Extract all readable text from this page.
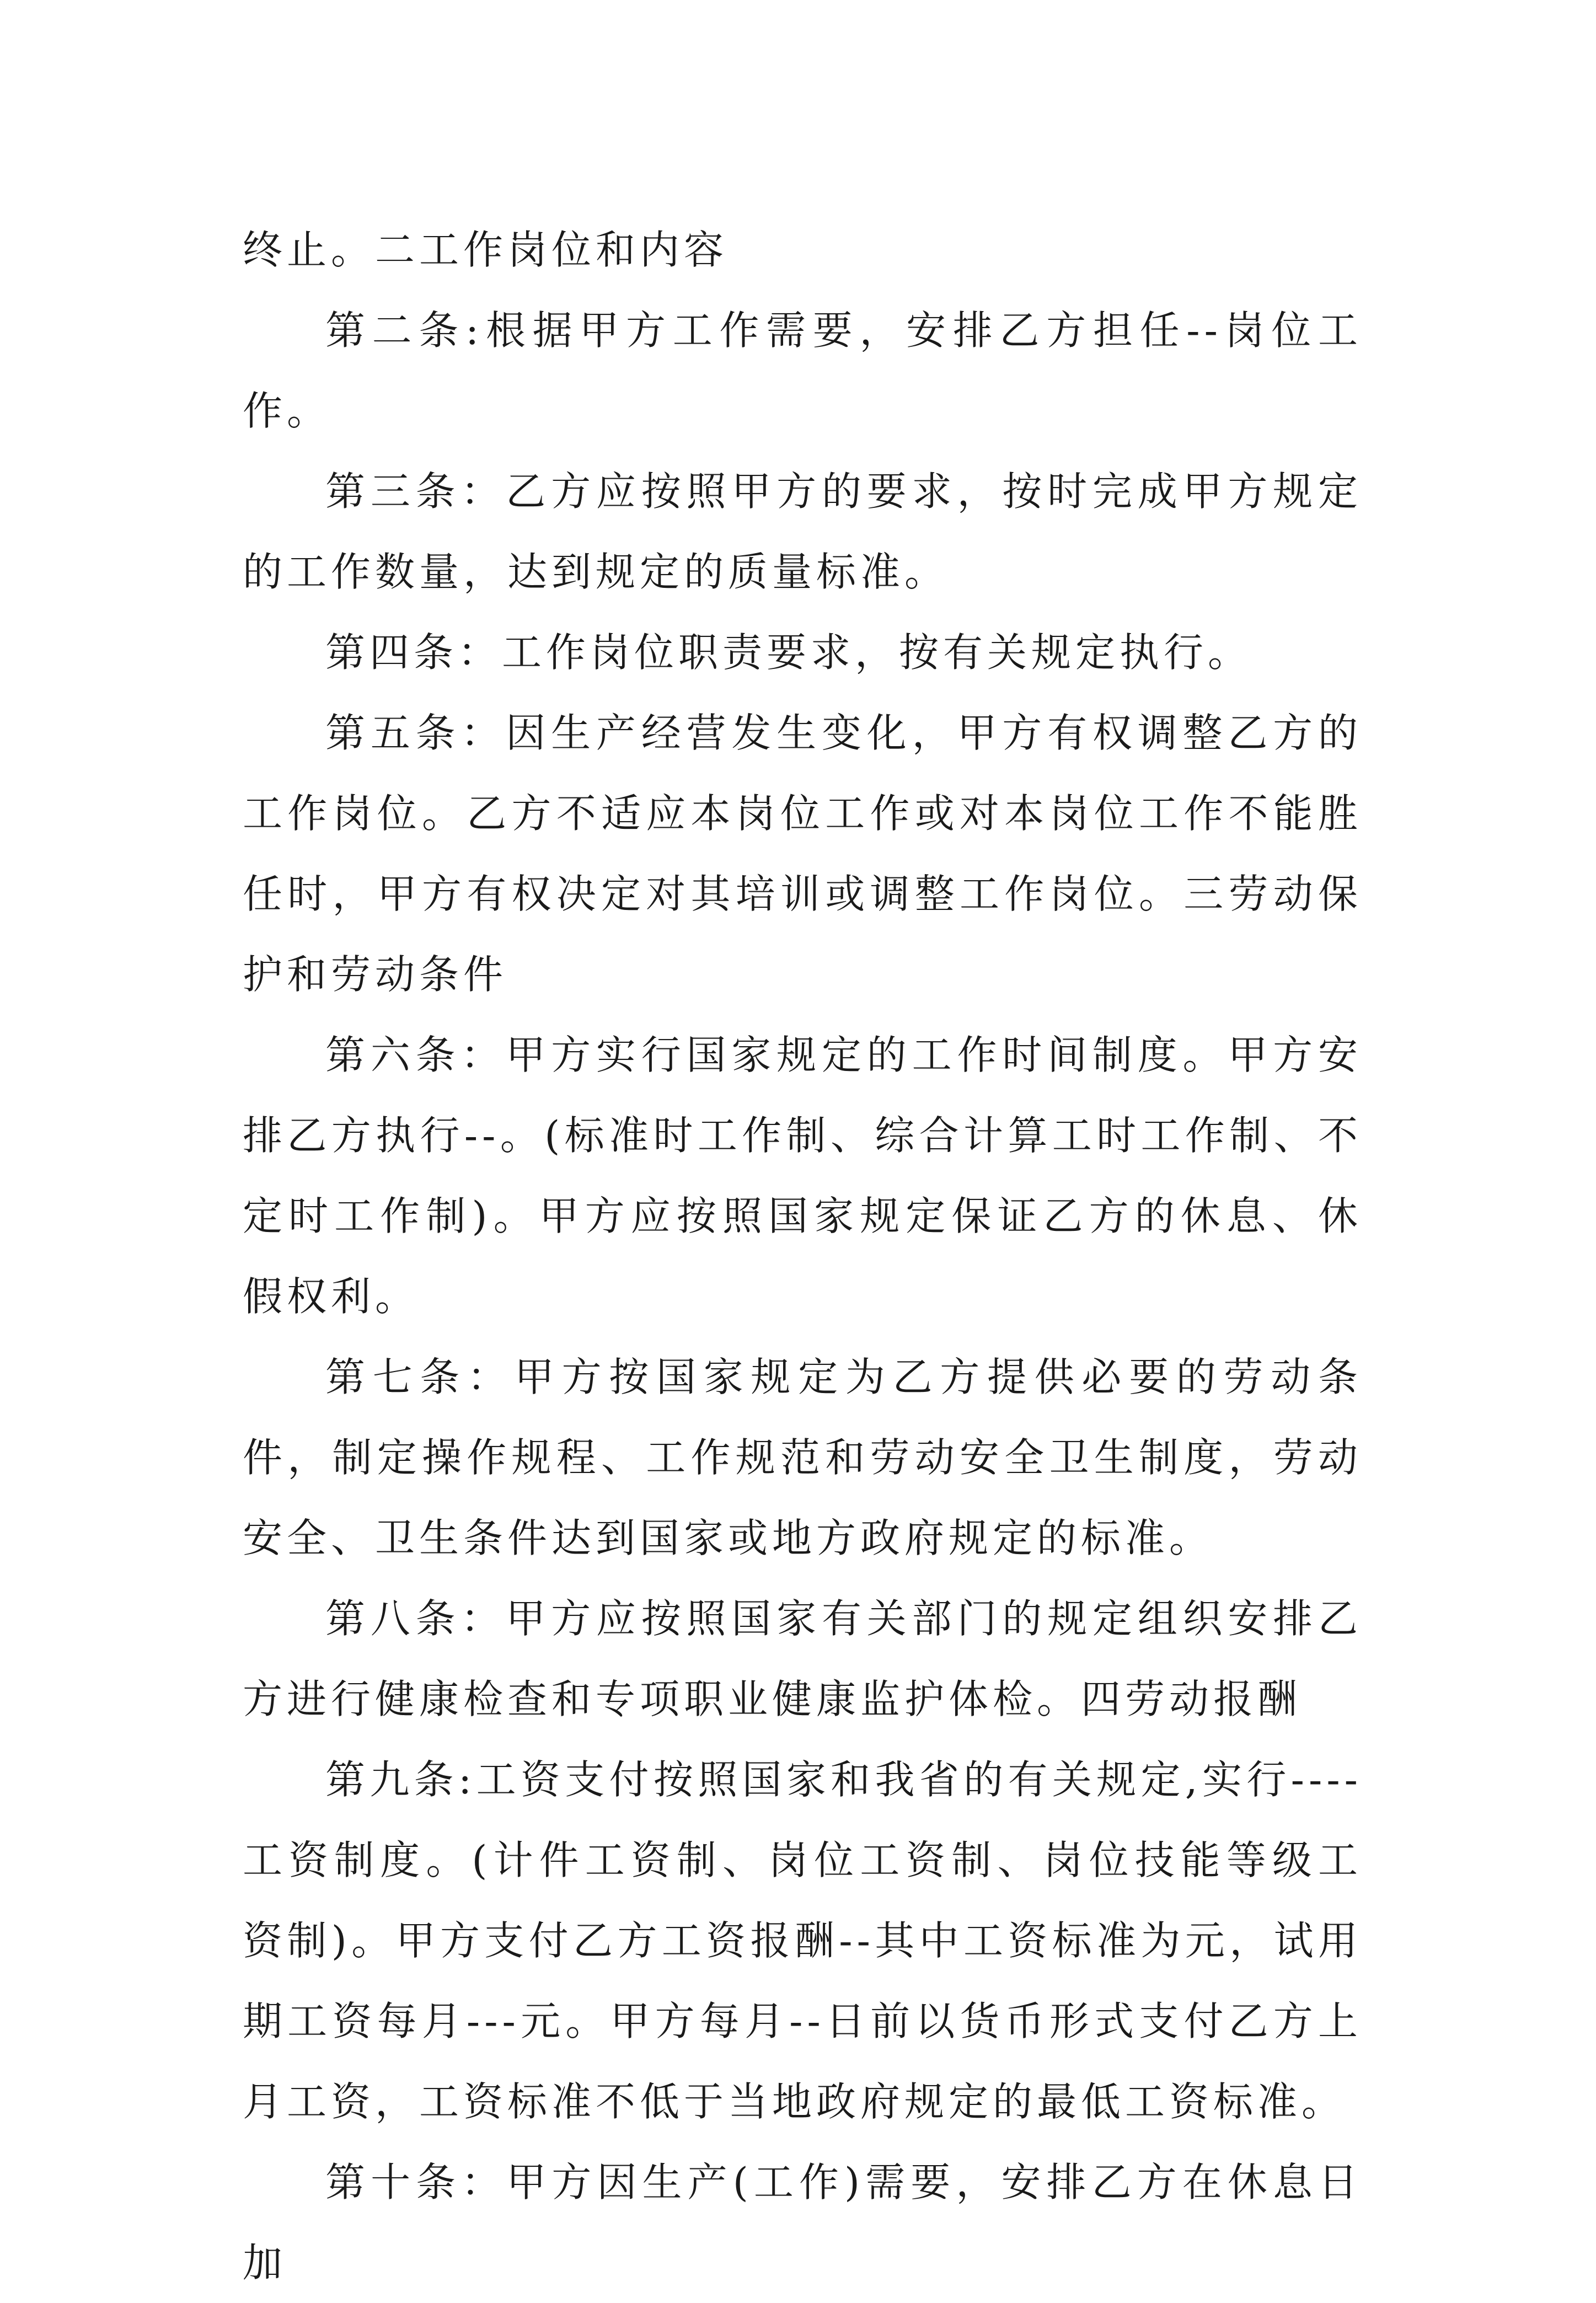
终止。二工作岗位和内容

第二条:根据甲方工作需要，安排乙方担任--岗位工作。

第三条：乙方应按照甲方的要求，按时完成甲方规定的工作数量，达到规定的质量标准。

第四条：工作岗位职责要求，按有关规定执行。

第五条：因生产经营发生变化，甲方有权调整乙方的工作岗位。乙方不适应本岗位工作或对本岗位工作不能胜任时，甲方有权决定对其培训或调整工作岗位。三劳动保护和劳动条件

第六条：甲方实行国家规定的工作时间制度。甲方安排乙方执行--。(标准时工作制、综合计算工时工作制、不定时工作制)。甲方应按照国家规定保证乙方的休息、休假权利。

第七条：甲方按国家规定为乙方提供必要的劳动条件，制定操作规程、工作规范和劳动安全卫生制度，劳动安全、卫生条件达到国家或地方政府规定的标准。

第八条：甲方应按照国家有关部门的规定组织安排乙方进行健康检查和专项职业健康监护体检。四劳动报酬

第九条:工资支付按照国家和我省的有关规定,实行----工资制度。(计件工资制、岗位工资制、岗位技能等级工资制)。甲方支付乙方工资报酬--其中工资标准为元，试用期工资每月---元。甲方每月--日前以货币形式支付乙方上月工资，工资标准不低于当地政府规定的最低工资标准。

第十条：甲方因生产(工作)需要，安排乙方在休息日加
